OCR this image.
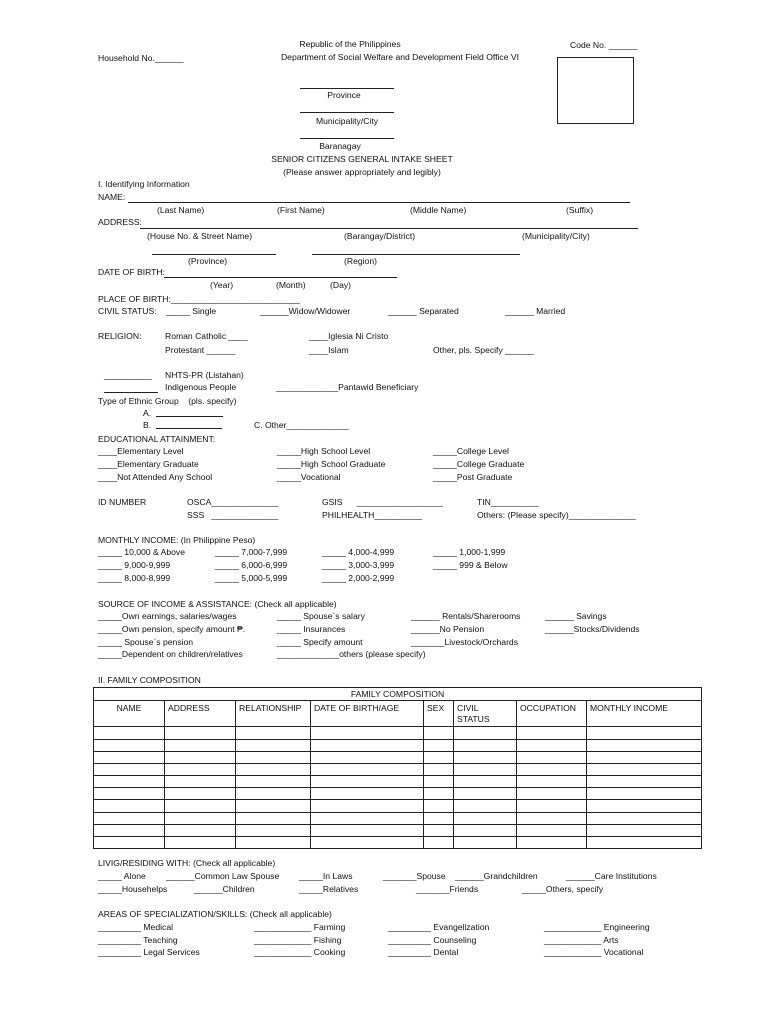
Republic of the Philippines
Department of Social Welfare and Development Field Office VI
Household No.______
Code No. ______
Province
Municipality/City
Baranagay
SENIOR CITIZENS GENERAL INTAKE SHEET
(Please answer appropriately and legibly)
I. Identifying Information
NAME:
(Last Name)	(First Name)	(Middle Name)	(Suffix)
ADDRESS:
(House No. & Street Name)	(Barangay/District)	(Municipality/City)
(Province)	(Region)
DATE OF BIRTH:
(Year)	(Month)	(Day)
PLACE OF BIRTH:___________________________
CIVIL STATUS: _____ Single	______Widow/Widower	______ Separated	______ Married
RELIGION:	Roman Catholic ____
Protestant ______
____Iglesia Ni Cristo
____Islam	Other, pls. Specify ______
__________ NHTS-PR (Listahan)
Indigenous People	_____________Pantawid Beneficiary
Type of Ethnic Group    (pls. specify)
A.
B.	C. Other_____________
EDUCATIONAL ATTAINMENT:
____Elementary Level
____Elementary Graduate
____Not Attended Any School
_____High School Level
_____High School Graduate
_____Vocational
_____College Level
_____College Graduate
_____Post Graduate
ID NUMBER	OSCA______________
SSS   ______________
GSIS      __________________
PHILHEALTH__________
TIN__________
Others: (Please specify)______________
MONTHLY INCOME: (In Philippine Peso)
_____ 10,000 & Above
_____ 9,000-9,999
_____ 8,000-8,999
_____ 7,000-7,999
_____ 6,000-6,999
_____ 5,000-5,999
_____ 4,000-4,999
_____ 3,000-3,999
_____ 2,000-2,999
_____ 1,000-1,999
_____ 999 & Below
SOURCE OF INCOME & ASSISTANCE: (Check all applicable)
_____Own earnings, salaries/wages
_____Own pension, specify amount ₱.
_____ Spouse`s pension
_____Dependent on children/relatives
_____ Spouse`s salary
_____ Insurances
_____ Specify amount
_____________others (please specify)
______ Rentals/Sharerooms
______No Pension
_______Livestock/Orchards
______ Savings
______Stocks/Dividends
II. FAMILY COMPOSITION
FAMILY COMPOSITION							
NAME	ADDRESS	RELATIONSHIP	DATE OF BIRTH/AGE	SEX	CIVIL STATUS	OCCUPATION	MONTHLY INCOME

LIVIG/RESIDING WITH: (Check all applicable)
_____ Alone ______Common Law Spouse _____In Laws	_______Spouse ______Grandchildren	______Care Institutions
_____Househelps	______Children	_____Relatives	_______Friends	_____Others, specify
AREAS OF SPECIALIZATION/SKILLS: (Check all applicable)
_________ Medical
_________ Teaching
_________ Legal Services
____________ Farming
____________ Fishing
____________ Cooking
_________ Evangelization
_________ Counseling
_________ Dental
____________ Engineering
____________ Arts
____________ Vocational
